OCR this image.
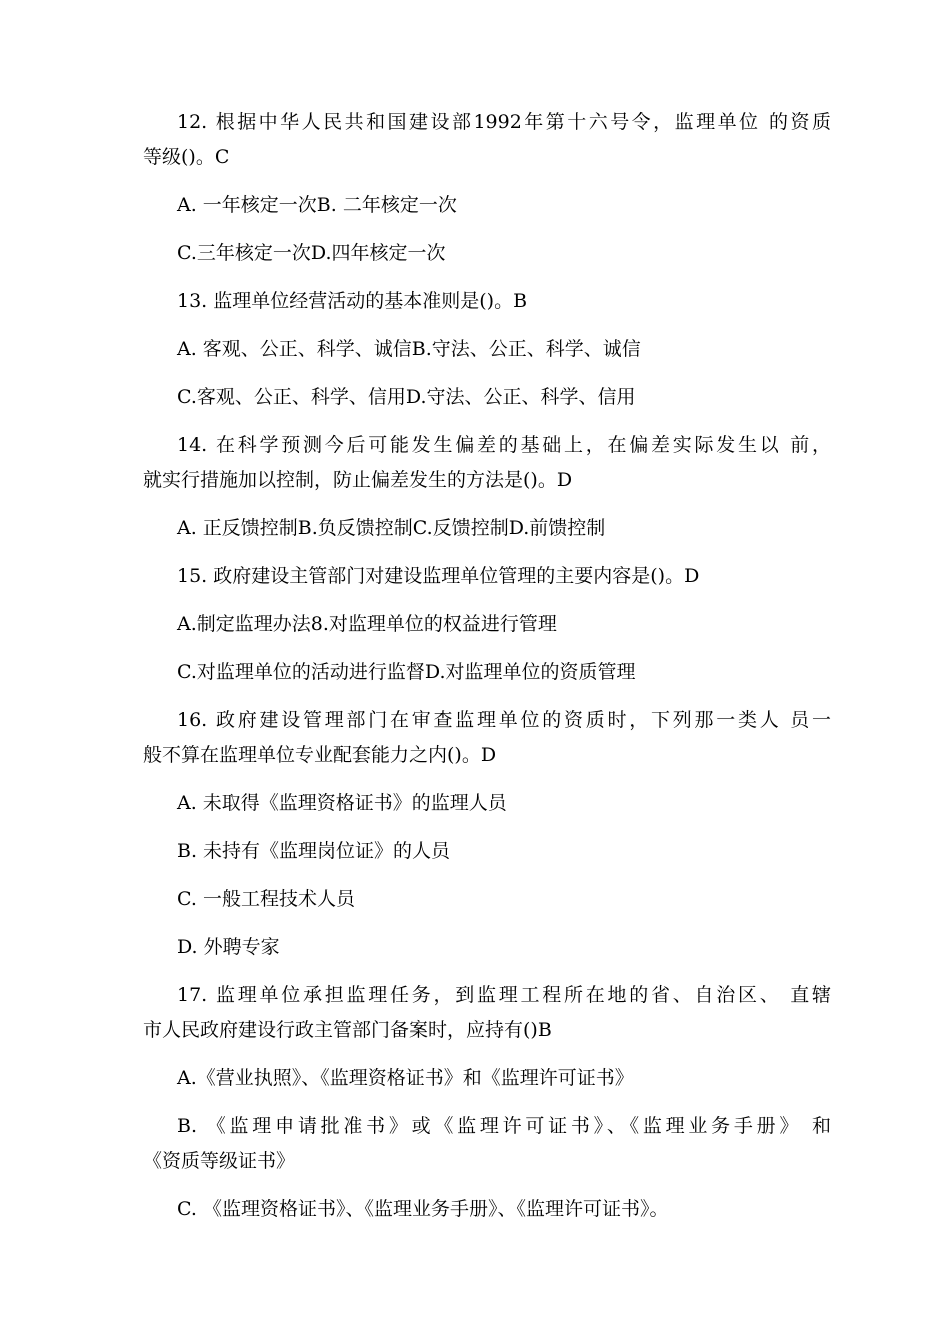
12. 根据中华人民共和国建设部1992年第十六号令，监理单位 的资质
等级()。C
A. 一年核定一次B. 二年核定一次
C.三年核定一次D.四年核定一次
13. 监理单位经营活动的基本准则是()。B
A. 客观、公正、科学、诚信B.守法、公正、科学、诚信
C.客观、公正、科学、信用D.守法、公正、科学、信用
14. 在科学预测今后可能发生偏差的基础上，在偏差实际发生以 前，
就实行措施加以控制，防止偏差发生的方法是()。D
A. 正反馈控制B.负反馈控制C.反馈控制D.前馈控制
15. 政府建设主管部门对建设监理单位管理的主要内容是()。D
A.制定监理办法8.对监理单位的权益进行管理
C.对监理单位的活动进行监督D.对监理单位的资质管理
16. 政府建设管理部门在审查监理单位的资质时，下列那一类人 员一
般不算在监理单位专业配套能力之内()。D
A. 未取得《监理资格证书》的监理人员
B. 未持有《监理岗位证》的人员
C. 一般工程技术人员
D. 外聘专家
17. 监理单位承担监理任务，到监理工程所在地的省、自治区、 直辖
市人民政府建设行政主管部门备案时，应持有()B
A.《营业执照》、《监理资格证书》和《监理许可证书》
B. 《监理申请批准书》或《监理许可证书》、《监理业务手册》 和
《资质等级证书》
C. 《监理资格证书》、《监理业务手册》、《监理许可证书》。
